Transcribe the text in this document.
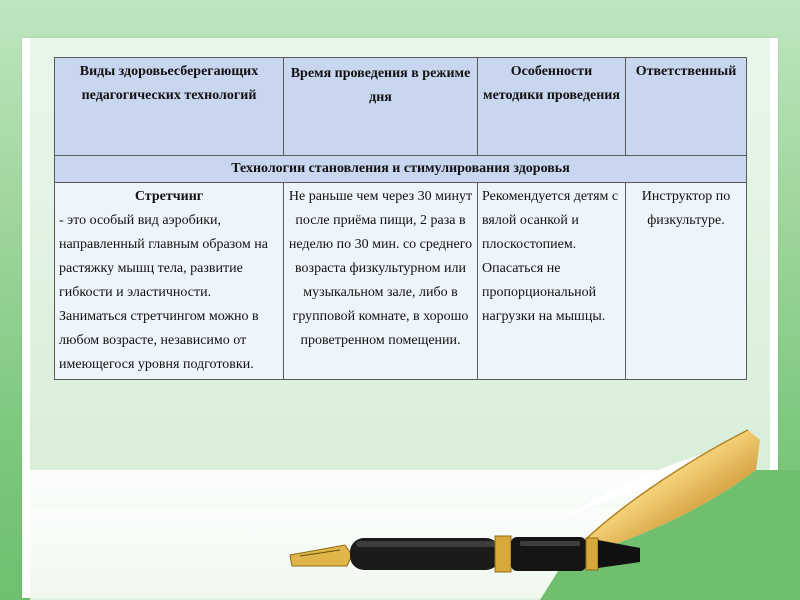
Виды здоровьесберегающих педагогических технологий	Время проведения в режиме дня	Особенности методики проведения	Ответственный
Технологии становления и стимулирования здоровья			

Стретчинг
- это особый вид аэробики, направленный главным образом на растяжку мышц тела, развитие гибкости и эластичности. Заниматься стретчингом можно в любом возрасте, независимо от имеющегося уровня подготовки.	Не раньше чем через 30 минут после приёма пищи, 2 раза в неделю по 30 мин. со среднего возраста физкультурном или музыкальном зале, либо в групповой комнате, в хорошо проветренном помещении.	Рекомендуется детям с вялой осанкой и плоскостопием. Опасаться не пропорциональной нагрузки на мышцы.	Инструктор по физкультуре.
